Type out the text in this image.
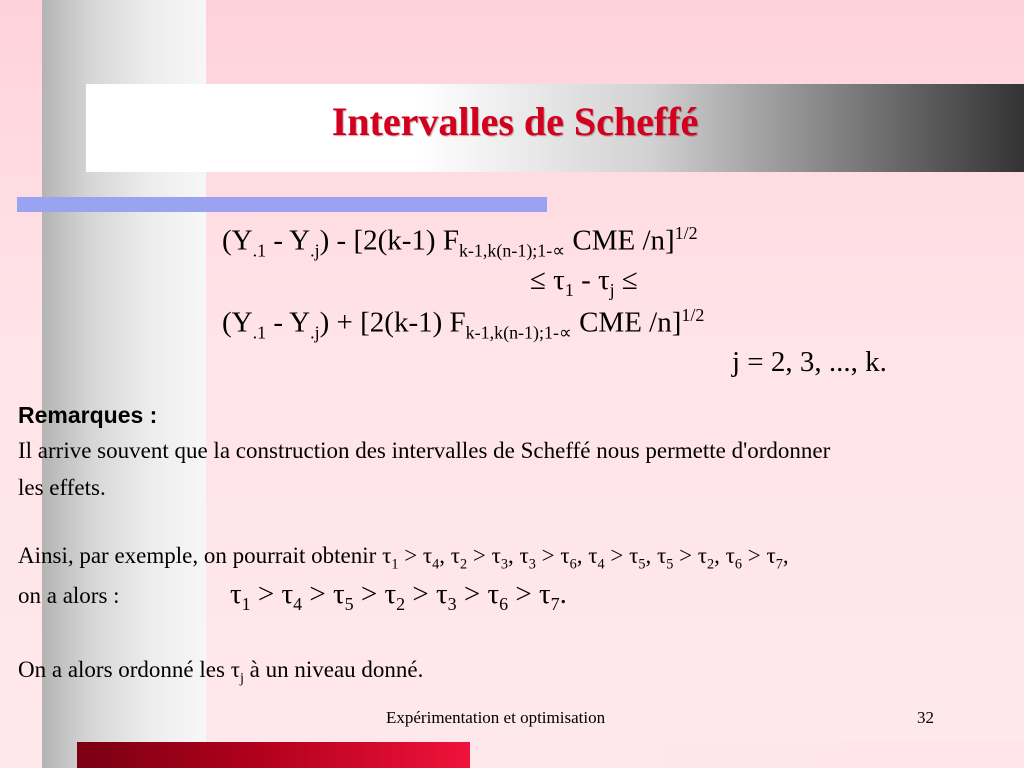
Intervalles de Scheffé
$(Y_{.1} - Y_{.j}) - [2(k-1)$ $F_{k-1,k(n-1);1-\propto}$ CME /n]$^{1/2}$
≤ $\tau_1 - \tau_j$ ≤
$(Y_{.1} - Y_{.j}) + [2(k-1)$ $F_{k-1,k(n-1);1-\propto}$ CME /n]$^{1/2}$
j = 2, 3, ..., k.
Remarques :
Il arrive souvent que la construction des intervalles de Scheffé nous permette d'ordonner
les effets.
Ainsi, par exemple, on pourrait obtenir $\tau_1 > \tau_4$, $\tau_2 > \tau_3$, $\tau_3 > \tau_6$, $\tau_4 > \tau_5$, $\tau_5 > \tau_2$, $\tau_6 > \tau_7$,
on a alors :	$\tau_1 > \tau_4 > \tau_5 > \tau_2 > \tau_3 > \tau_6 > \tau_7$.
On a alors ordonné les $\tau_j$ à un niveau donné.
Expérimentation et optimisation	32
